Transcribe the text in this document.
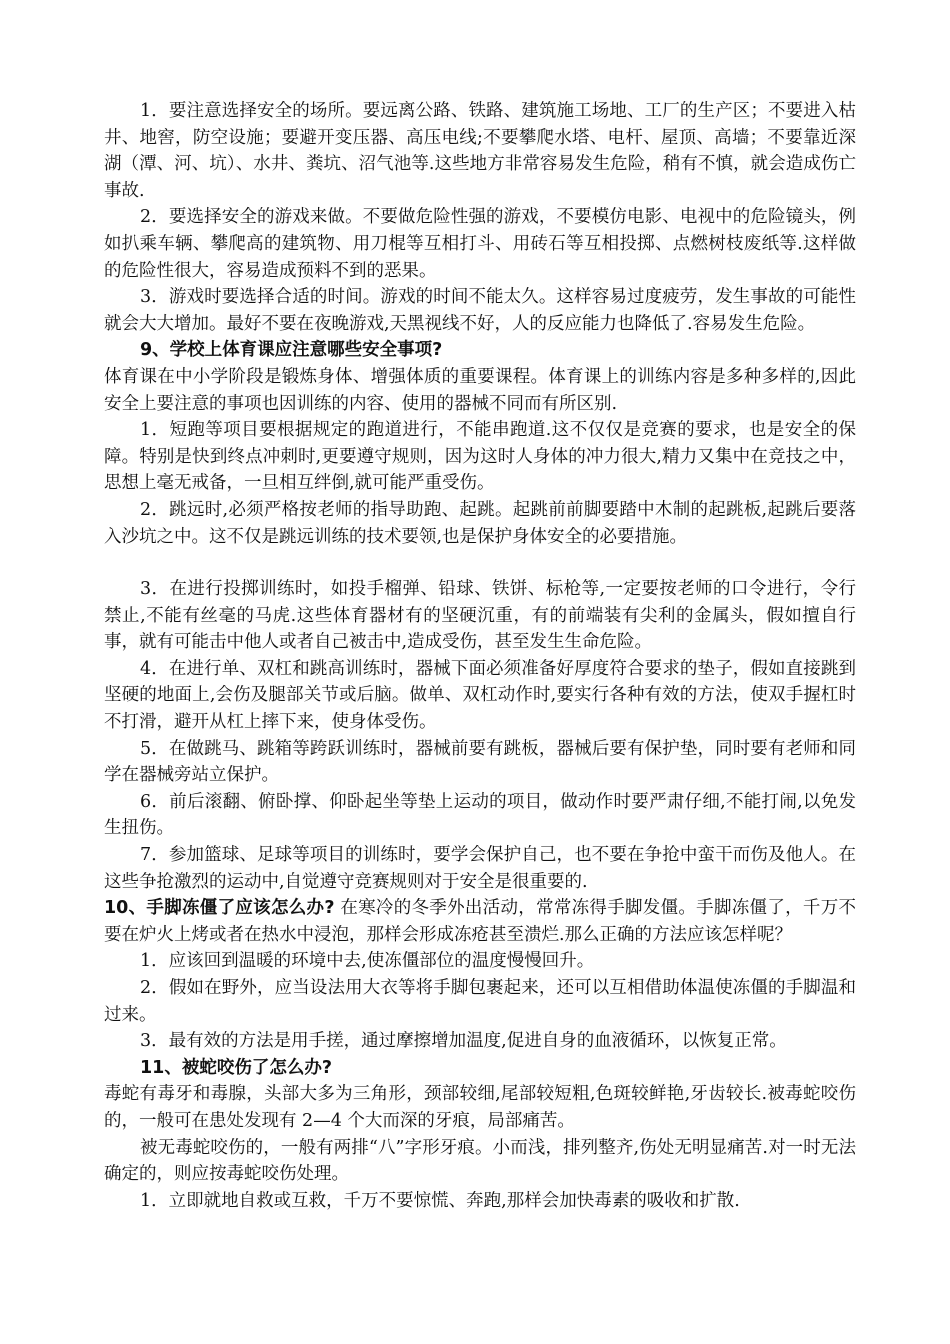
1．要注意选择安全的场所。要远离公路、铁路、建筑施工场地、工厂的生产区；不要进入枯井、地窖，防空设施；要避开变压器、高压电线;不要攀爬水塔、电杆、屋顶、高墙；不要靠近深湖（潭、河、坑）、水井、粪坑、沼气池等.这些地方非常容易发生危险，稍有不慎，就会造成伤亡事故.

2．要选择安全的游戏来做。不要做危险性强的游戏，不要模仿电影、电视中的危险镜头，例如扒乘车辆、攀爬高的建筑物、用刀棍等互相打斗、用砖石等互相投掷、点燃树枝废纸等.这样做的危险性很大，容易造成预料不到的恶果。

3．游戏时要选择合适的时间。游戏的时间不能太久。这样容易过度疲劳，发生事故的可能性就会大大增加。最好不要在夜晚游戏,天黑视线不好，人的反应能力也降低了.容易发生危险。

9、学校上体育课应注意哪些安全事项?

体育课在中小学阶段是锻炼身体、增强体质的重要课程。体育课上的训练内容是多种多样的,因此安全上要注意的事项也因训练的内容、使用的器械不同而有所区别.

1．短跑等项目要根据规定的跑道进行，不能串跑道.这不仅仅是竞赛的要求，也是安全的保障。特别是快到终点冲刺时,更要遵守规则，因为这时人身体的冲力很大,精力又集中在竞技之中，思想上毫无戒备，一旦相互绊倒,就可能严重受伤。

2．跳远时,必须严格按老师的指导助跑、起跳。起跳前前脚要踏中木制的起跳板,起跳后要落入沙坑之中。这不仅是跳远训练的技术要领,也是保护身体安全的必要措施。

3．在进行投掷训练时，如投手榴弹、铅球、铁饼、标枪等,一定要按老师的口令进行，令行禁止,不能有丝毫的马虎.这些体育器材有的坚硬沉重，有的前端装有尖利的金属头，假如擅自行事，就有可能击中他人或者自己被击中,造成受伤，甚至发生生命危险。

4．在进行单、双杠和跳高训练时，器械下面必须准备好厚度符合要求的垫子，假如直接跳到坚硬的地面上,会伤及腿部关节或后脑。做单、双杠动作时,要实行各种有效的方法，使双手握杠时不打滑，避开从杠上摔下来，使身体受伤。

5．在做跳马、跳箱等跨跃训练时，器械前要有跳板，器械后要有保护垫，同时要有老师和同学在器械旁站立保护。

6．前后滚翻、俯卧撑、仰卧起坐等垫上运动的项目，做动作时要严肃仔细,不能打闹,以免发生扭伤。

7．参加篮球、足球等项目的训练时，要学会保护自己，也不要在争抢中蛮干而伤及他人。在这些争抢激烈的运动中,自觉遵守竞赛规则对于安全是很重要的.

10、手脚冻僵了应该怎么办? 在寒冷的冬季外出活动，常常冻得手脚发僵。手脚冻僵了，千万不要在炉火上烤或者在热水中浸泡，那样会形成冻疮甚至溃烂.那么正确的方法应该怎样呢？

1．应该回到温暖的环境中去,使冻僵部位的温度慢慢回升。

2．假如在野外，应当设法用大衣等将手脚包裹起来，还可以互相借助体温使冻僵的手脚温和过来。

3．最有效的方法是用手搓，通过摩擦增加温度,促进自身的血液循环，以恢复正常。

11、被蛇咬伤了怎么办?

毒蛇有毒牙和毒腺，头部大多为三角形，颈部较细,尾部较短粗,色斑较鲜艳,牙齿较长.被毒蛇咬伤的，一般可在患处发现有 2—4 个大而深的牙痕，局部痛苦。

被无毒蛇咬伤的，一般有两排“八”字形牙痕。小而浅，排列整齐,伤处无明显痛苦.对一时无法确定的，则应按毒蛇咬伤处理。

1．立即就地自救或互救，千万不要惊慌、奔跑,那样会加快毒素的吸收和扩散.
